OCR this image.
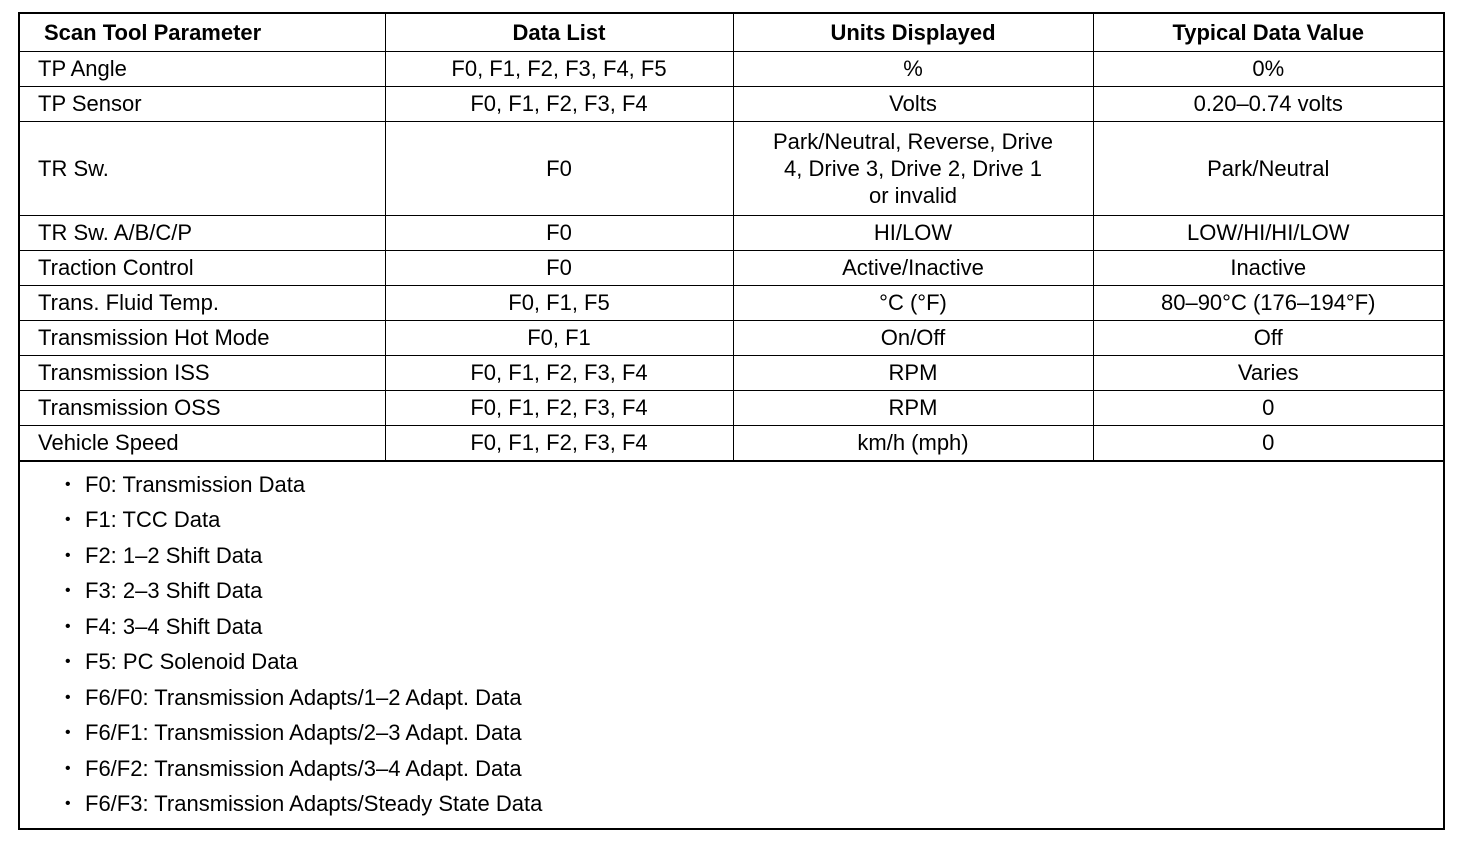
Scan Tool Parameter	Data List	Units Displayed	Typical Data Value
TP Angle	F0, F1, F2, F3, F4, F5	%	0%
TP Sensor	F0, F1, F2, F3, F4	Volts	0.20–0.74 volts
TR Sw.	F0	Park/Neutral, Reverse, Drive 4, Drive 3, Drive 2, Drive 1 or invalid	Park/Neutral
TR Sw. A/B/C/P	F0	HI/LOW	LOW/HI/HI/LOW
Traction Control	F0	Active/Inactive	Inactive
Trans. Fluid Temp.	F0, F1, F5	°C (°F)	80–90°C (176–194°F)
Transmission Hot Mode	F0, F1	On/Off	Off
Transmission ISS	F0, F1, F2, F3, F4	RPM	Varies
Transmission OSS	F0, F1, F2, F3, F4	RPM	0
Vehicle Speed	F0, F1, F2, F3, F4	km/h (mph)	0
• F0: Transmission Data
• F1: TCC Data
• F2: 1–2 Shift Data
• F3: 2–3 Shift Data
• F4: 3–4 Shift Data
• F5: PC Solenoid Data
• F6/F0: Transmission Adapts/1–2 Adapt. Data
• F6/F1: Transmission Adapts/2–3 Adapt. Data
• F6/F2: Transmission Adapts/3–4 Adapt. Data
• F6/F3: Transmission Adapts/Steady State Data
